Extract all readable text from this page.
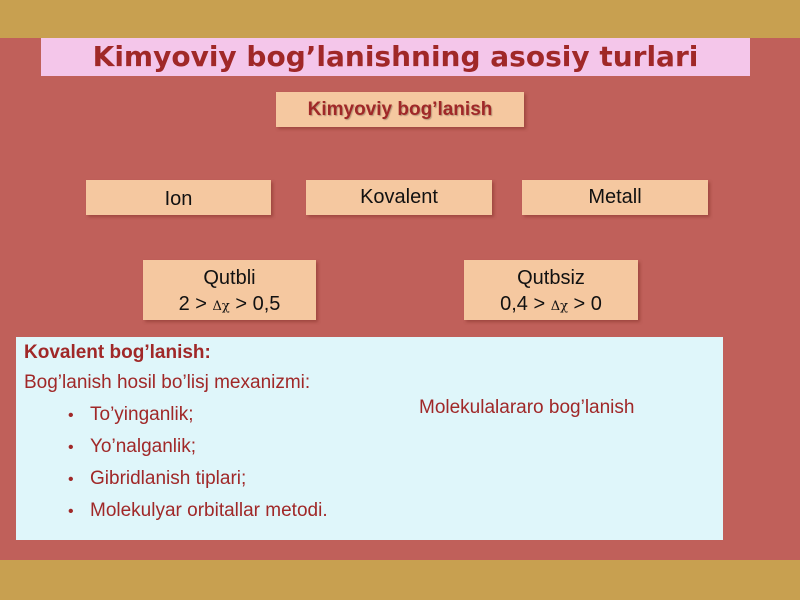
Kimyoviy bog’lanishning asosiy turlari
Kimyoviy bog’lanish
Ion	Kovalent	Metall
Qutbli
2 > Δχ > 0,5
Qutbsiz
0,4 > Δχ > 0
Kovalent bog’lanish:
Bog’lanish hosil bo’lisj mexanizmi:
• To’yinganlik;
• Yo’nalganlik;
• Gibridlanish tiplari;
• Molekulyar orbitallar metodi.
Molekulalararo bog’lanish
